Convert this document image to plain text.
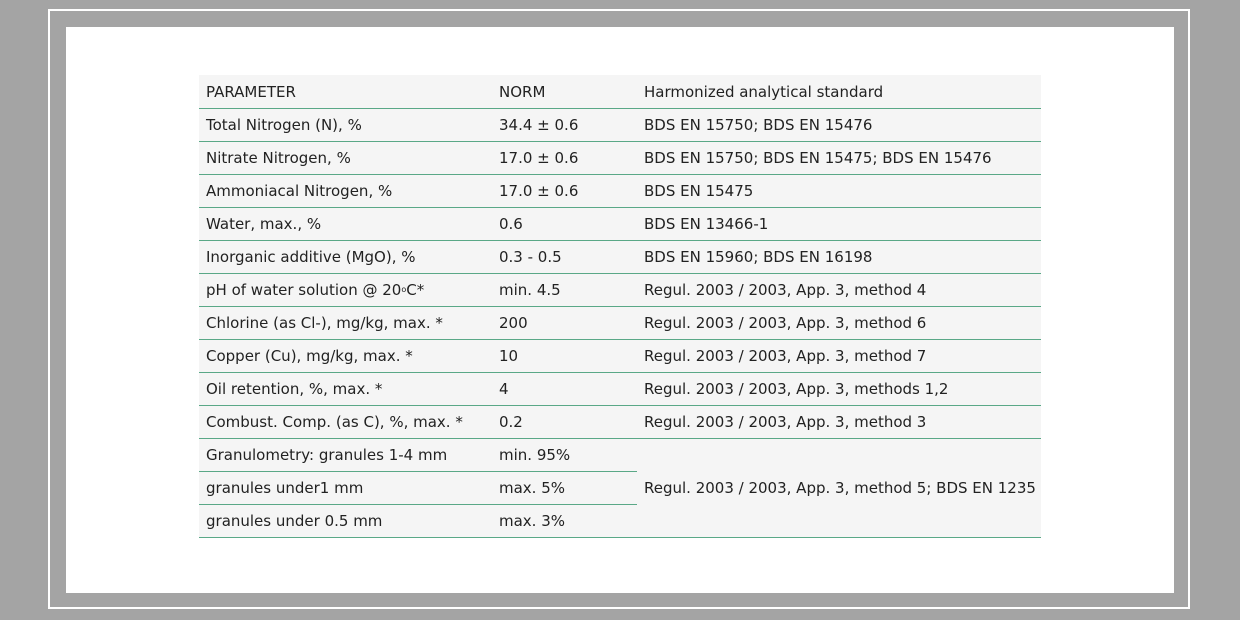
PARAMETER	NORM	Harmonized analytical standard
Total Nitrogen (N), %	34.4 ± 0.6	BDS EN 15750; BDS EN 15476
Nitrate Nitrogen, %	17.0 ± 0.6	BDS EN 15750; BDS EN 15475; BDS EN 15476
Ammoniacal Nitrogen, %	17.0 ± 0.6	BDS EN 15475
Water, max., %	0.6	BDS EN 13466-1
Inorganic additive (MgO), %	0.3 - 0.5	BDS EN 15960; BDS EN 16198
pH of water solution @ 20$^o$C*	min. 4.5	Regul. 2003 / 2003, App. 3, method 4
Chlorine (as Cl-), mg/kg, max. *	200	Regul. 2003 / 2003, App. 3, method 6
Copper (Cu), mg/kg, max. *	10	Regul. 2003 / 2003, App. 3, method 7
Oil retention, %, max. *	4	Regul. 2003 / 2003, App. 3, methods 1,2
Combust. Comp. (as C), %, max. *	0.2	Regul. 2003 / 2003, App. 3, method 3
Granulometry: granules 1-4 mm	min. 95%	Regul. 2003 / 2003, App. 3, method 5; BDS EN 1235
granules under1 mm	max. 5%	
granules under 0.5 mm	max. 3%	
